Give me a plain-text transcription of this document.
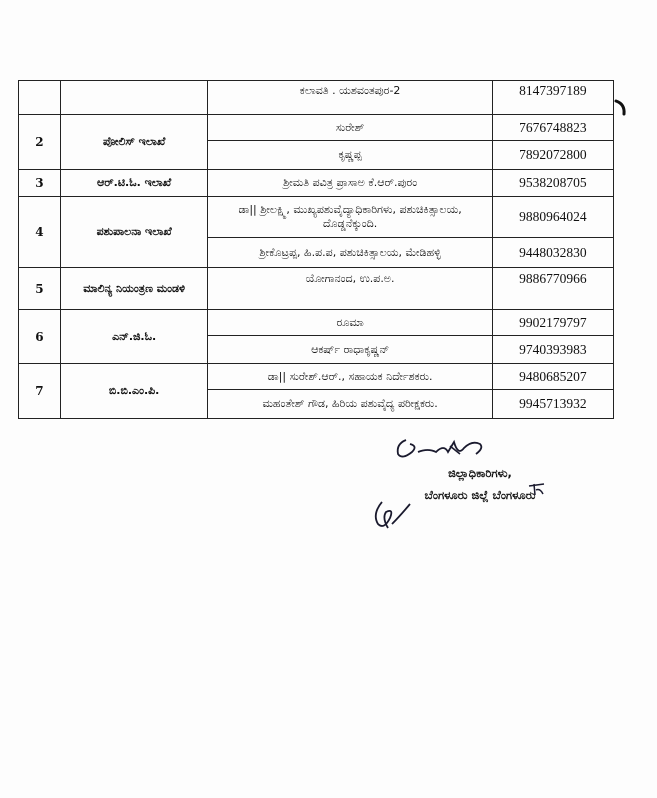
		ಕಲಾವತಿ . ಯಶವಂತಪುರ-2	8147397189
2	ಪೋಲಿಸ್ ಇಲಾಖೆ	ಸುರೇಶ್	7676748823
		ಕೃಷ್ಣಪ್ಪ	7892072800
3	ಆರ್.ಟಿ.ಓ. ಇಲಾಖೆ	ಶ್ರೀಮತಿ ಪವಿತ್ರ ಪ್ರಾಸಾಅ ಕೆ.ಆರ್.ಪುರಂ	9538208705
4	ಪಶುಪಾಲನಾ ಇಲಾಖೆ	ಡಾ|| ಶ್ರೀಲಕ್ಷ್ಮಿ, ಮುಖ್ಯಪಶುವೈದ್ಯಾಧಿಕಾರಿಗಳು, ಪಶುಚಿಕಿತ್ಸಾಲಯ, ದೊಡ್ಡನೆಕ್ಕುಂದಿ.	9880964024
		ಶ್ರೀಕೊಟ್ರಪ್ಪ, ಹಿ.ಪ.ಪ, ಪಶುಚಿಕಿತ್ಸಾಲಯ, ಮೇಡಿಹಳ್ಳಿ	9448032830
5	ಮಾಲಿನ್ಯ ನಿಯಂತ್ರಣ ಮಂಡಳಿ	ಯೋಗಾನಂದ, ಉ.ಪ.ಅ.	9886770966
6	ಎನ್.ಜಿ.ಓ.	ರೂಮಾ	9902179797
		ಆಕರ್ಷ್ ರಾಧಾಕೃಷ್ಣನ್	9740393983
7	ಬಿ.ಬಿ.ಎಂ.ಪಿ.	ಡಾ|| ಸುರೇಶ್.ಆರ್., ಸಹಾಯಕ ನಿರ್ದೇಶಕರು.	9480685207
		ಮಹಂತೇಶ್ ಗೌಡ, ಹಿರಿಯ ಪಶುವೈದ್ಯ ಪರೀಕ್ಷಕರು.	9945713932
ಜಿಲ್ಲಾಧಿಕಾರಿಗಳು,
ಬೆಂಗಳೂರು ಜಿಲ್ಲೆ ಬೆಂಗಳೂರು
